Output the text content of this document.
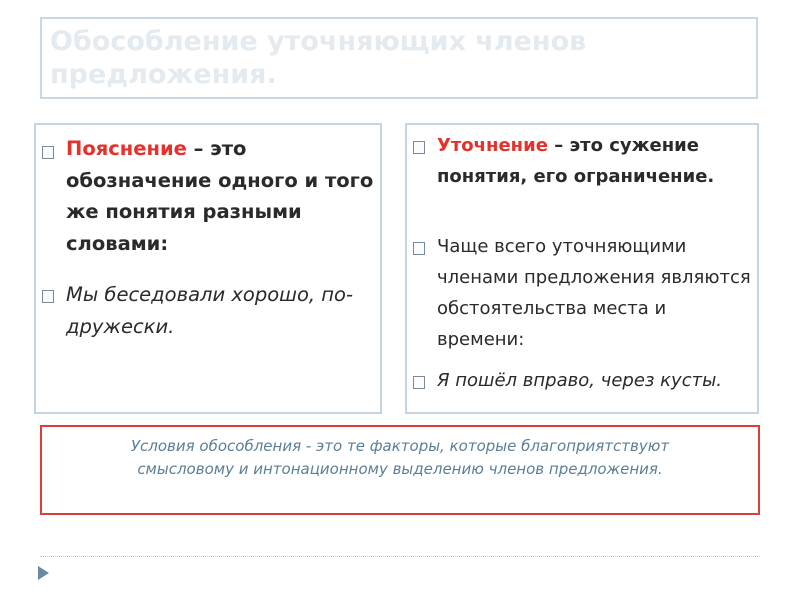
Обособление уточняющих членов
предложения.
Пояснение – это обозначение одного и того же понятия разными словами:
Мы беседовали хорошо, по-дружески.
Уточнение – это сужение понятия, его ограничение.
Чаще всего уточняющими членами предложения являются обстоятельства места и времени:
Я пошёл вправо, через кусты.
Условия обособления - это те факторы, которые благоприятствуют
смысловому и интонационному выделению членов предложения.
